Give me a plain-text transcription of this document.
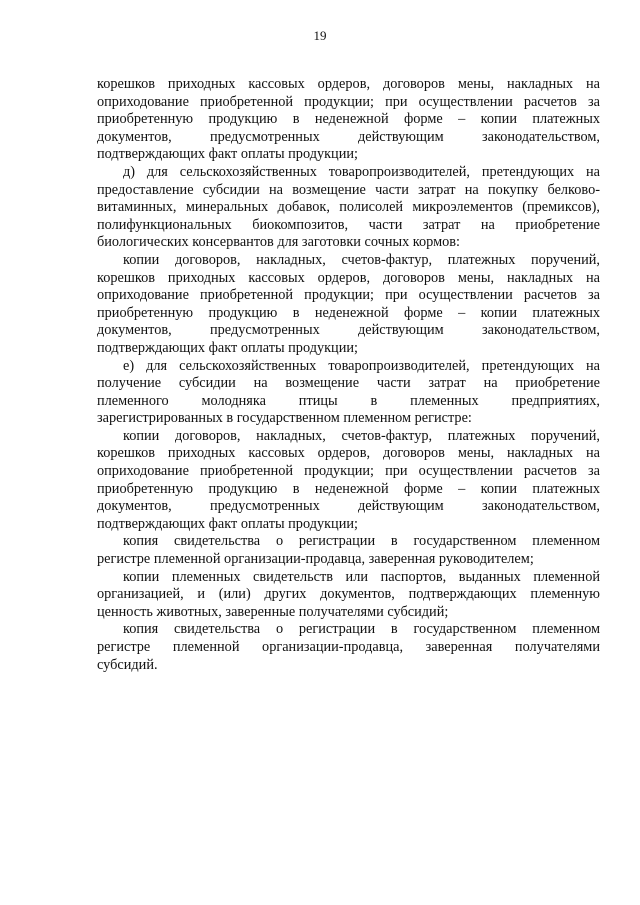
19

корешков приходных кассовых ордеров, договоров мены, накладных на
оприходование приобретенной продукции; при осуществлении расчетов за
приобретенную продукцию в неденежной форме – копии платежных
документов, предусмотренных действующим законодательством,
подтверждающих факт оплаты продукции;

д) для сельскохозяйственных товаропроизводителей, претендующих на
предоставление субсидии на возмещение части затрат на покупку белково-
витаминных, минеральных добавок, полисолей микроэлементов (премиксов),
полифункциональных биокомпозитов, части затрат на приобретение
биологических консервантов для заготовки сочных кормов:

копии договоров, накладных, счетов-фактур, платежных поручений,
корешков приходных кассовых ордеров, договоров мены, накладных на
оприходование приобретенной продукции; при осуществлении расчетов за
приобретенную продукцию в неденежной форме – копии платежных
документов, предусмотренных действующим законодательством,
подтверждающих факт оплаты продукции;

е) для сельскохозяйственных товаропроизводителей, претендующих на
получение субсидии на возмещение части затрат на приобретение
племенного молодняка птицы в племенных предприятиях,
зарегистрированных в государственном племенном регистре:

копии договоров, накладных, счетов-фактур, платежных поручений,
корешков приходных кассовых ордеров, договоров мены, накладных на
оприходование приобретенной продукции; при осуществлении расчетов за
приобретенную продукцию в неденежной форме – копии платежных
документов, предусмотренных действующим законодательством,
подтверждающих факт оплаты продукции;

копия свидетельства о регистрации в государственном племенном
регистре племенной организации-продавца, заверенная руководителем;

копии племенных свидетельств или паспортов, выданных племенной
организацией, и (или) других документов, подтверждающих племенную
ценность животных, заверенные получателями субсидий;

копия свидетельства о регистрации в государственном племенном
регистре племенной организации-продавца, заверенная получателями
субсидий.
